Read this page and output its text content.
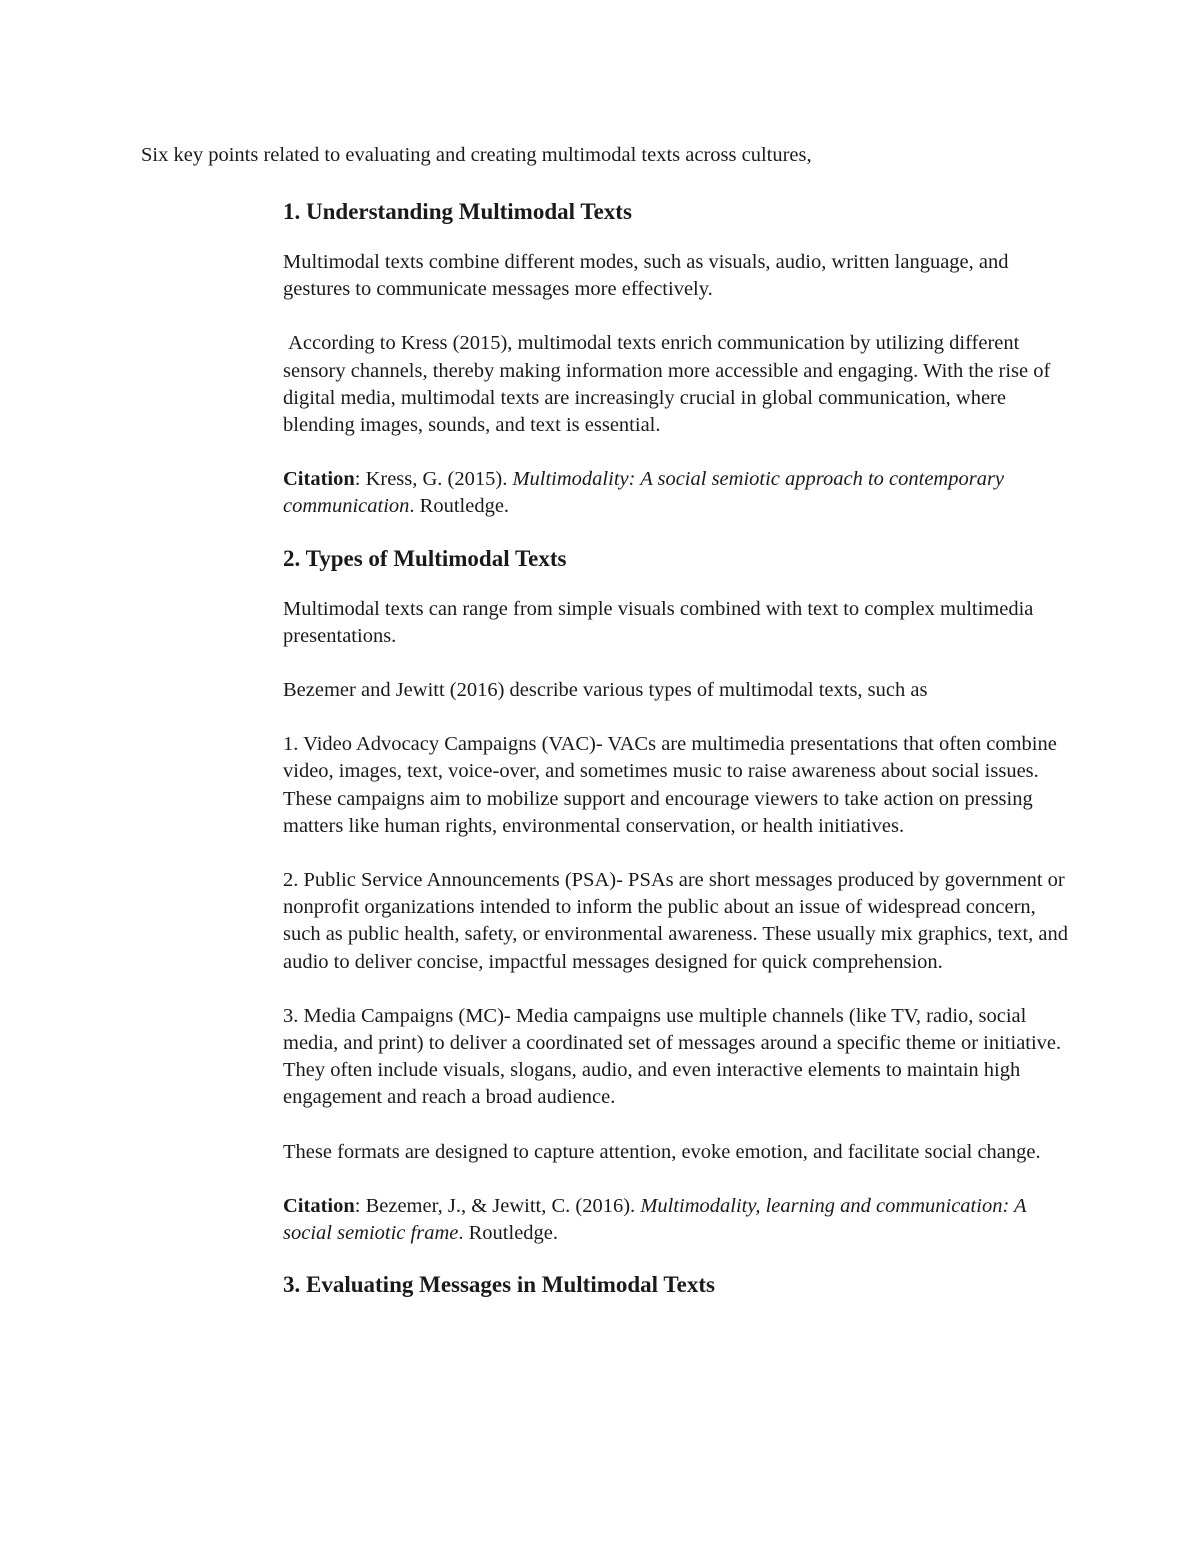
Six key points related to evaluating and creating multimodal texts across cultures,
1. Understanding Multimodal Texts

Multimodal texts combine different modes, such as visuals, audio, written language, and gestures to communicate messages more effectively.

According to Kress (2015), multimodal texts enrich communication by utilizing different sensory channels, thereby making information more accessible and engaging. With the rise of digital media, multimodal texts are increasingly crucial in global communication, where blending images, sounds, and text is essential.

Citation: Kress, G. (2015). Multimodality: A social semiotic approach to contemporary communication. Routledge.

2. Types of Multimodal Texts

Multimodal texts can range from simple visuals combined with text to complex multimedia presentations.

Bezemer and Jewitt (2016) describe various types of multimodal texts, such as

1. Video Advocacy Campaigns (VAC)- VACs are multimedia presentations that often combine video, images, text, voice-over, and sometimes music to raise awareness about social issues. These campaigns aim to mobilize support and encourage viewers to take action on pressing matters like human rights, environmental conservation, or health initiatives.

2. Public Service Announcements (PSA)- PSAs are short messages produced by government or nonprofit organizations intended to inform the public about an issue of widespread concern, such as public health, safety, or environmental awareness. These usually mix graphics, text, and audio to deliver concise, impactful messages designed for quick comprehension.

3. Media Campaigns (MC)- Media campaigns use multiple channels (like TV, radio, social media, and print) to deliver a coordinated set of messages around a specific theme or initiative. They often include visuals, slogans, audio, and even interactive elements to maintain high engagement and reach a broad audience.

These formats are designed to capture attention, evoke emotion, and facilitate social change.

Citation: Bezemer, J., & Jewitt, C. (2016). Multimodality, learning and communication: A social semiotic frame. Routledge.

3. Evaluating Messages in Multimodal Texts
